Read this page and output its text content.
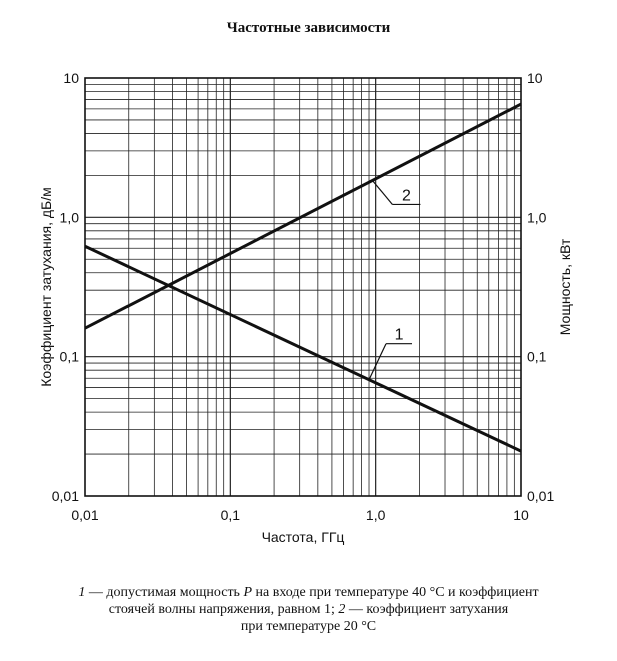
Частотные зависимости
0,01	0,1	1,0	10
0,01
0,1
1,0
10
0,01
0,1
1,0
10
Частота, ГГц
Коэффициент затухания, дБ/м	Мощность, кВт
2
1

1 — допустимая мощность P на входе при температуре 40 °С и коэффициент

стоячей волны напряжения, равном 1; 2 — коэффициент затухания

при температуре 20 °С
